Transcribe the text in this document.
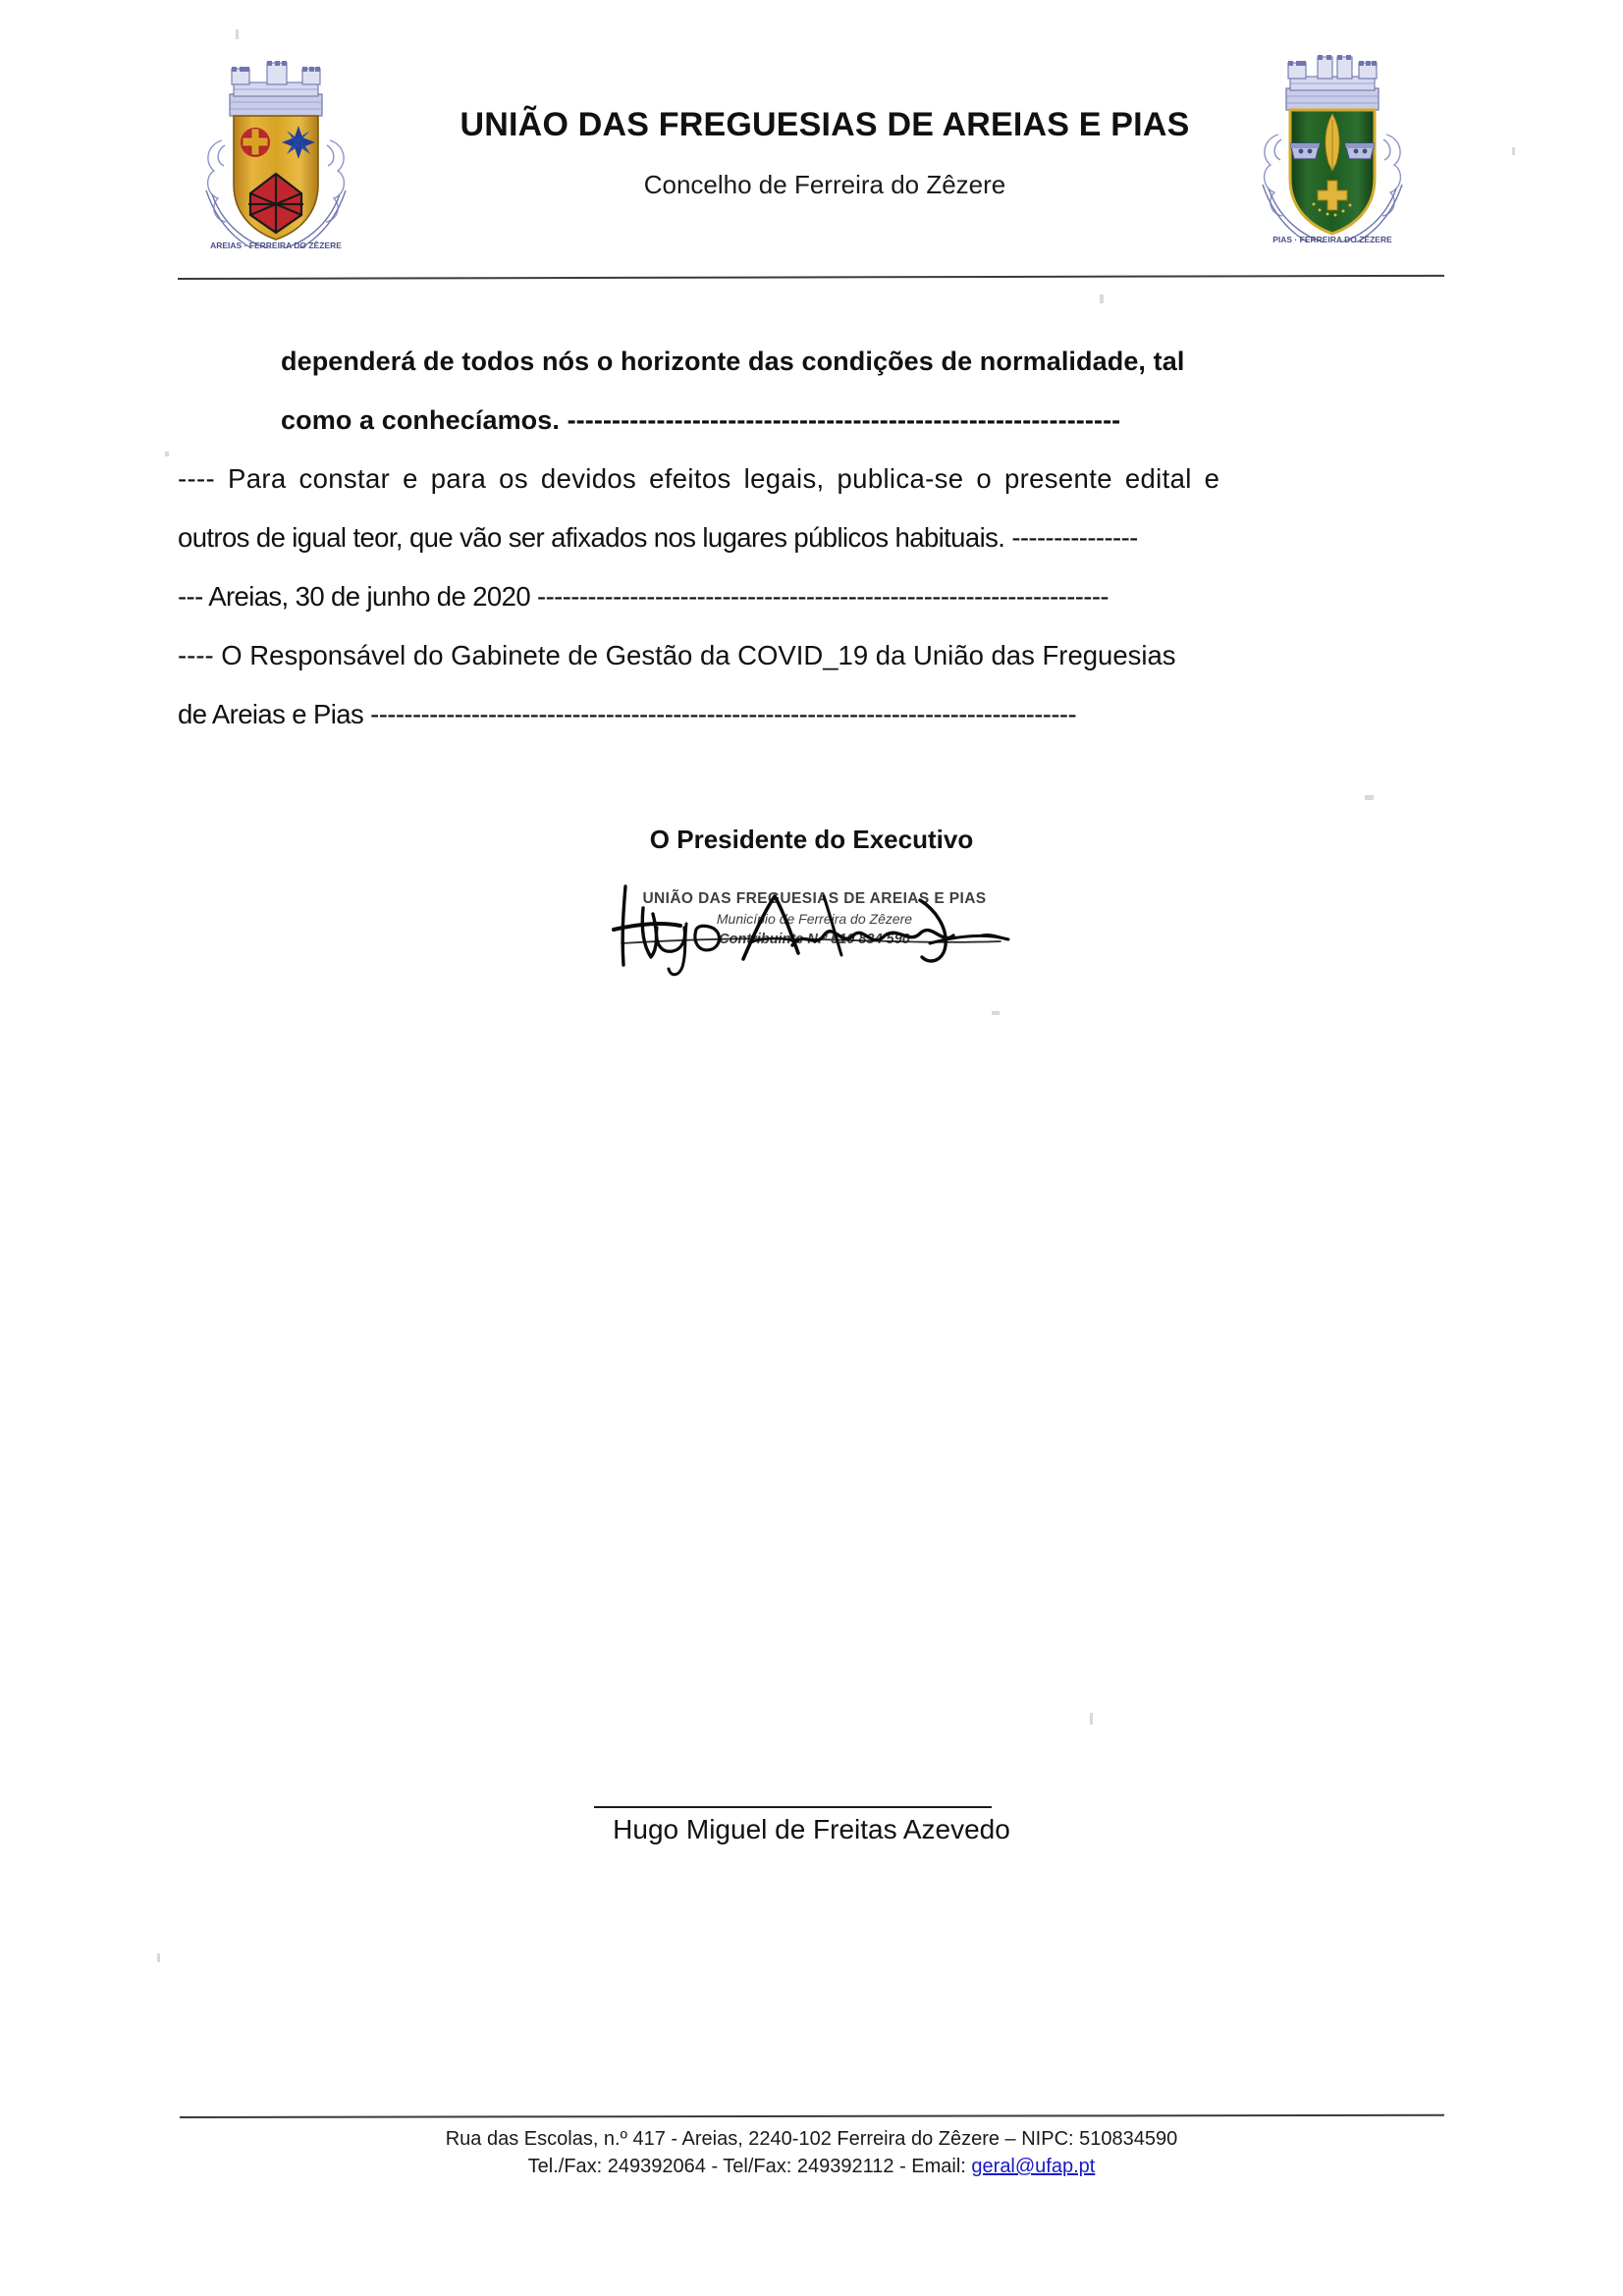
AREIAS · FERREIRA DO ZÊZERE
UNIÃO DAS FREGUESIAS DE AREIAS E PIAS
Concelho de Ferreira do Zêzere
PIAS · FERREIRA DO ZÊZERE
dependerá de todos nós o horizonte das condições de normalidade, tal
como a conhecíamos. --------------------------------------------------------------
---- Para constar e para os devidos efeitos legais, publica-se o presente edital e
outros de igual teor, que vão ser afixados nos lugares públicos habituais. ---------------
--- Areias, 30 de junho de 2020 --------------------------------------------------------------------
---- O Responsável do Gabinete de Gestão da COVID_19 da União das Freguesias
de Areias e Pias ------------------------------------------------------------------------------------
O Presidente do Executivo
UNIÃO DAS FREGUESIAS DE AREIAS E PIAS
Município de Ferreira do Zêzere
Contribuinte N.º 510 834 590
Hugo Miguel de Freitas Azevedo
Rua das Escolas, n.º 417 - Areias, 2240-102 Ferreira do Zêzere – NIPC: 510834590
Tel./Fax: 249392064 - Tel/Fax: 249392112 - Email: geral@ufap.pt
